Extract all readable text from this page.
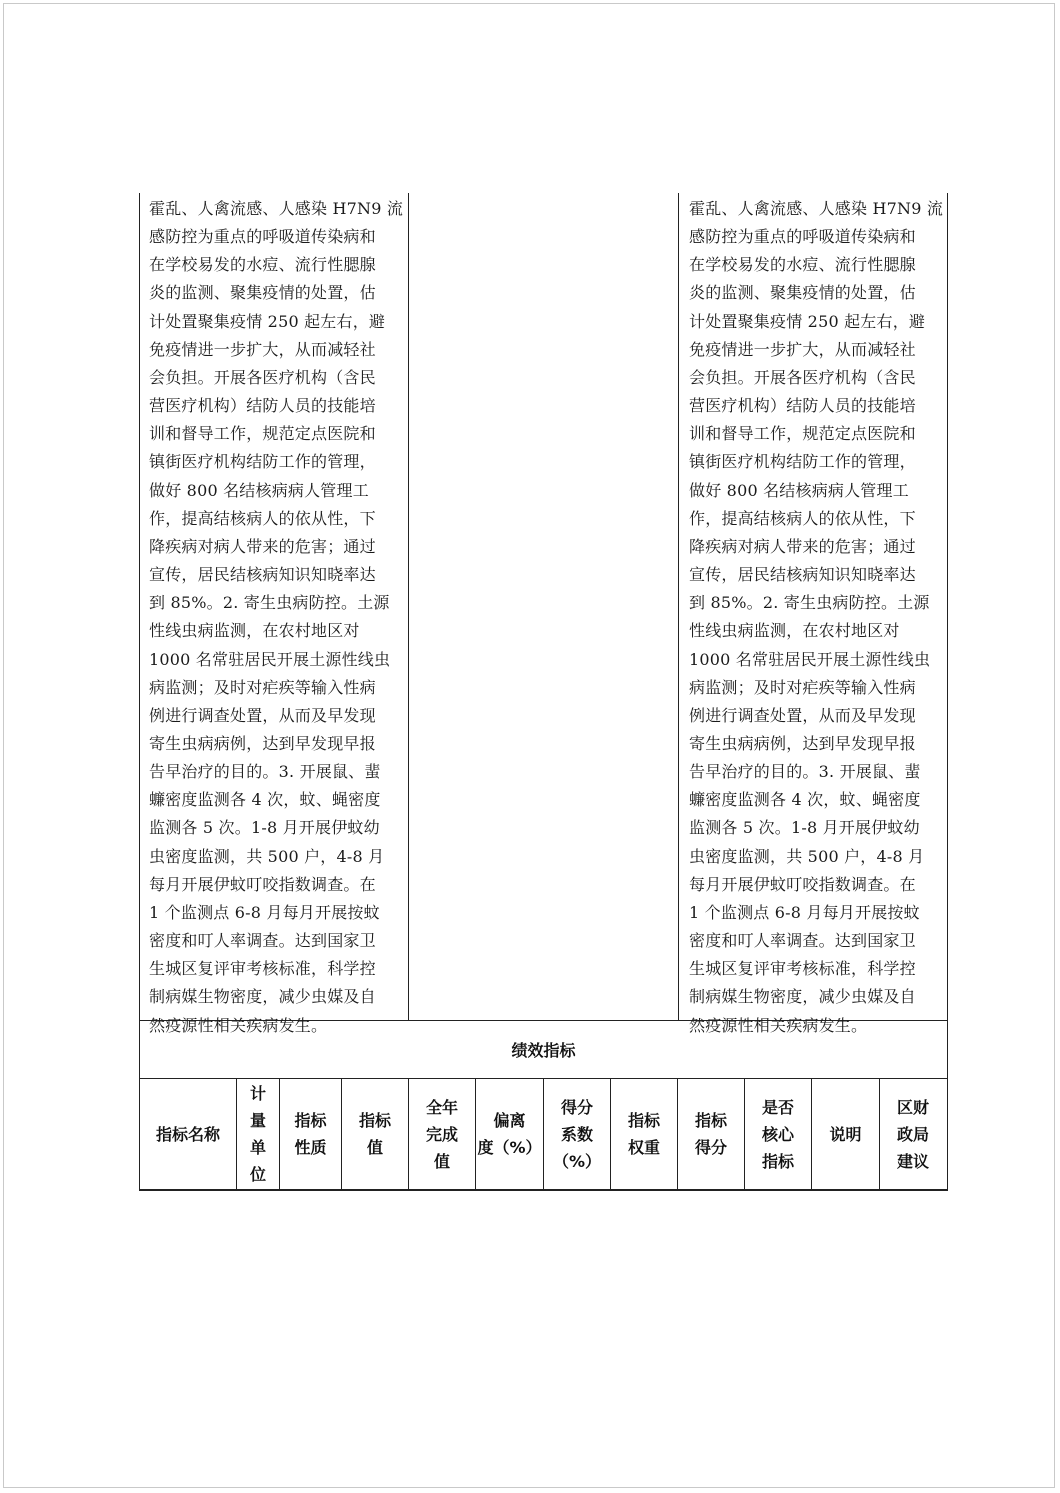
霍乱、人禽流感、人感染 H7N9 流
感防控为重点的呼吸道传染病和
在学校易发的水痘、流行性腮腺
炎的监测、聚集疫情的处置，估
计处置聚集疫情 250 起左右，避
免疫情进一步扩大，从而减轻社
会负担。开展各医疗机构（含民
营医疗机构）结防人员的技能培
训和督导工作，规范定点医院和
镇街医疗机构结防工作的管理，
做好 800 名结核病病人管理工
作，提高结核病人的依从性，下
降疾病对病人带来的危害；通过
宣传，居民结核病知识知晓率达
到 85%。2. 寄生虫病防控。土源
性线虫病监测，在农村地区对
1000 名常驻居民开展土源性线虫
病监测；及时对疟疾等输入性病
例进行调查处置，从而及早发现
寄生虫病病例，达到早发现早报
告早治疗的目的。3. 开展鼠、蜚
蠊密度监测各 4 次，蚊、蝇密度
监测各 5 次。1-8 月开展伊蚊幼
虫密度监测，共 500 户，4-8 月
每月开展伊蚊叮咬指数调查。在
1 个监测点 6-8 月每月开展按蚊
密度和叮人率调查。达到国家卫
生城区复评审考核标准，科学控
制病媒生物密度，减少虫媒及自
然疫源性相关疾病发生。
霍乱、人禽流感、人感染 H7N9 流
感防控为重点的呼吸道传染病和
在学校易发的水痘、流行性腮腺
炎的监测、聚集疫情的处置，估
计处置聚集疫情 250 起左右，避
免疫情进一步扩大，从而减轻社
会负担。开展各医疗机构（含民
营医疗机构）结防人员的技能培
训和督导工作，规范定点医院和
镇街医疗机构结防工作的管理，
做好 800 名结核病病人管理工
作，提高结核病人的依从性，下
降疾病对病人带来的危害；通过
宣传，居民结核病知识知晓率达
到 85%。2. 寄生虫病防控。土源
性线虫病监测，在农村地区对
1000 名常驻居民开展土源性线虫
病监测；及时对疟疾等输入性病
例进行调查处置，从而及早发现
寄生虫病病例，达到早发现早报
告早治疗的目的。3. 开展鼠、蜚
蠊密度监测各 4 次，蚊、蝇密度
监测各 5 次。1-8 月开展伊蚊幼
虫密度监测，共 500 户，4-8 月
每月开展伊蚊叮咬指数调查。在
1 个监测点 6-8 月每月开展按蚊
密度和叮人率调查。达到国家卫
生城区复评审考核标准，科学控
制病媒生物密度，减少虫媒及自
然疫源性相关疾病发生。
绩效指标
指标名称
计
量
单
位
指标
性质
指标
值
全年
完成
值
偏离
度（%）
得分
系数
（%）
指标
权重
指标
得分
是否
核心
指标
说明
区财
政局
建议
